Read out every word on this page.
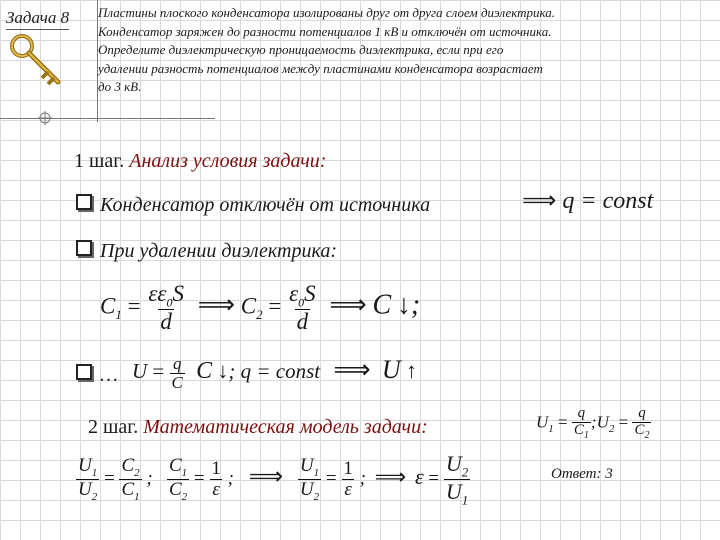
Задача 8 Пластины плоского конденсатора изолированы друг от друга слоем диэлектрика.
Конденсатор заряжен до разности потенциалов 1 кВ и отключён от источника.
Определите диэлектрическую проницаемость диэлектрика, если при его
удалении разность потенциалов между пластинами конденсатора возрастает
до 3 кВ.
1 шаг. Анализ условия задачи:
Конденсатор отключён от источника	⟹ q = const
При удалении диэлектрика:
$C_1 = \frac{\varepsilon\varepsilon_0S}{d}$ ⟹ $C_2 = \frac{\varepsilon_0S}{d}$ ⟹ C ↓;
… $U = \frac{q}{C}$ C ↓; q = const ⟹ U ↑
2 шаг. Математическая модель задачи:	$U_1 = \frac{q}{C_1}$ $;U_2 = \frac{q}{C_2}$
$\frac{U_1}{U_2} = \frac{C_2}{C_1}$ ; $\frac{C_1}{C_2} = \frac{1}{\varepsilon}$ ; ⟹ $\frac{U_1}{U_2} = \frac{1}{\varepsilon}$ ; ⟹ $\varepsilon = \frac{U_2}{U_1}$	Ответ: 3
